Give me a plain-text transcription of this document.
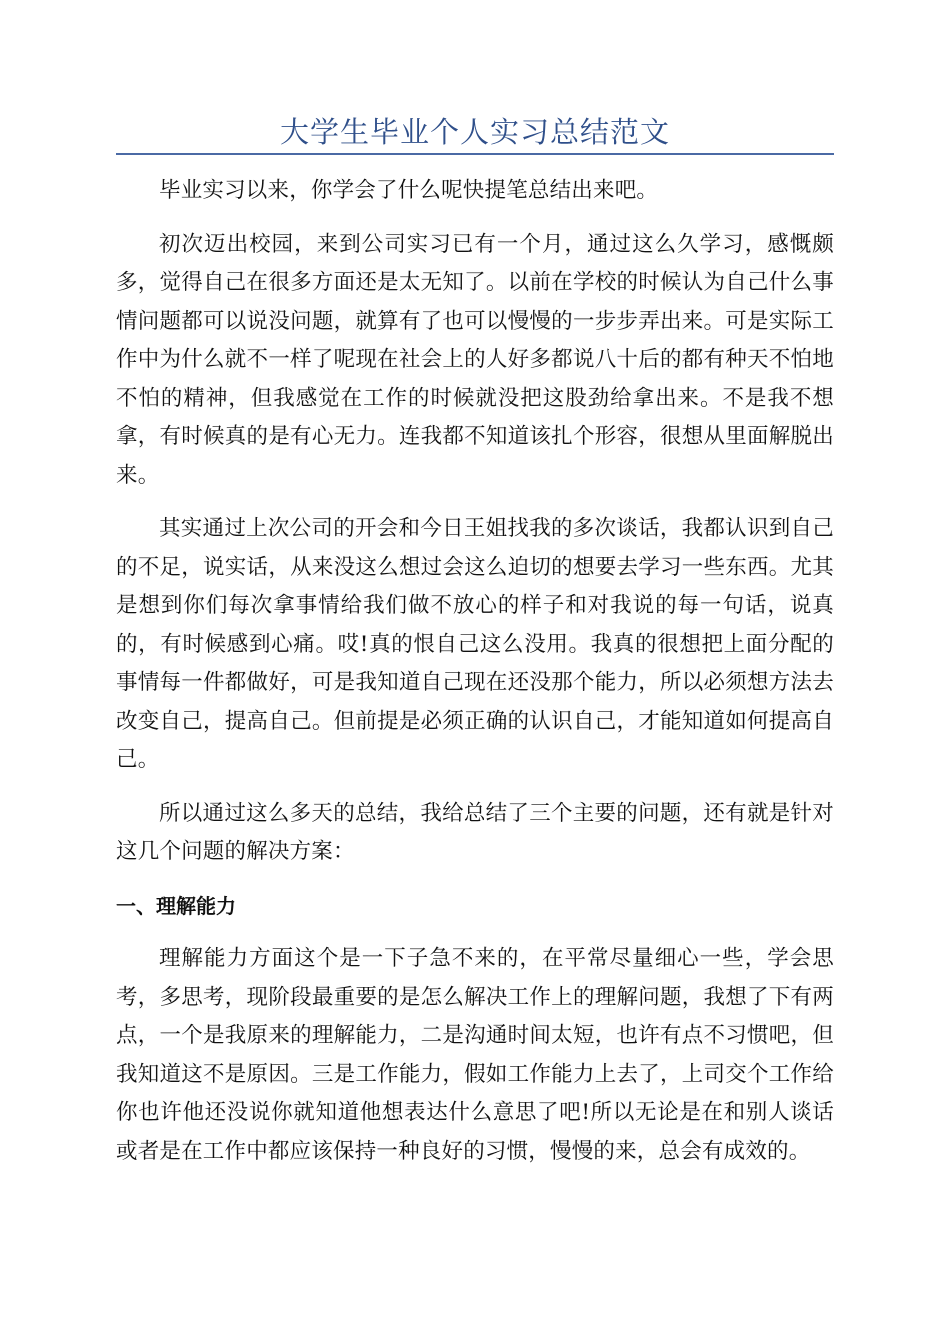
大学生毕业个人实习总结范文

毕业实习以来，你学会了什么呢快提笔总结出来吧。

初次迈出校园，来到公司实习已有一个月，通过这么久学习，感慨颇多，觉得自己在很多方面还是太无知了。以前在学校的时候认为自己什么事情问题都可以说没问题，就算有了也可以慢慢的一步步弄出来。可是实际工作中为什么就不一样了呢现在社会上的人好多都说八十后的都有种天不怕地不怕的精神，但我感觉在工作的时候就没把这股劲给拿出来。不是我不想拿，有时候真的是有心无力。连我都不知道该扎个形容，很想从里面解脱出来。

其实通过上次公司的开会和今日王姐找我的多次谈话，我都认识到自己的不足，说实话，从来没这么想过会这么迫切的想要去学习一些东西。尤其是想到你们每次拿事情给我们做不放心的样子和对我说的每一句话，说真的，有时候感到心痛。哎!真的恨自己这么没用。我真的很想把上面分配的事情每一件都做好，可是我知道自己现在还没那个能力，所以必须想方法去改变自己，提高自己。但前提是必须正确的认识自己，才能知道如何提高自己。

所以通过这么多天的总结，我给总结了三个主要的问题，还有就是针对这几个问题的解决方案：

一、理解能力

理解能力方面这个是一下子急不来的，在平常尽量细心一些，学会思考，多思考，现阶段最重要的是怎么解决工作上的理解问题，我想了下有两点，一个是我原来的理解能力，二是沟通时间太短，也许有点不习惯吧，但我知道这不是原因。三是工作能力，假如工作能力上去了，上司交个工作给你也许他还没说你就知道他想表达什么意思了吧!所以无论是在和别人谈话或者是在工作中都应该保持一种良好的习惯，慢慢的来，总会有成效的。
